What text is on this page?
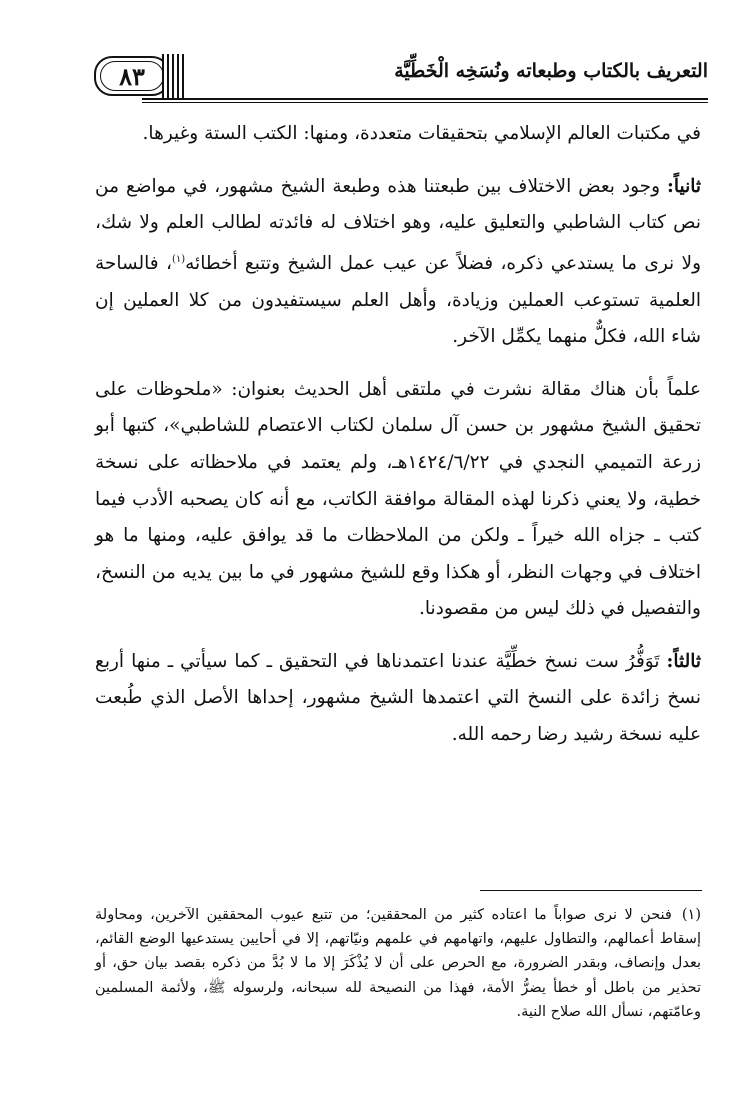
٨٣	التعريف بالكتاب وطبعاته ونُسَخِه الْخَطِّيَّة

في مكتبات العالم الإسلامي بتحقيقات متعددة، ومنها: الكتب الستة وغيرها.

ثانياً: وجود بعض الاختلاف بين طبعتنا هذه وطبعة الشيخ مشهور، في مواضع من نص كتاب الشاطبي والتعليق عليه، وهو اختلاف له فائدته لطالب العلم ولا شك، ولا نرى ما يستدعي ذكره، فضلاً عن عيب عمل الشيخ وتتبع أخطائه$^{(١)}$، فالساحة العلمية تستوعب العملين وزيادة، وأهل العلم سيستفيدون من كلا العملين إن شاء الله، فكلٌّ منهما يكمِّل الآخر.

علماً بأن هناك مقالة نشرت في ملتقى أهل الحديث بعنوان: «ملحوظات على تحقيق الشيخ مشهور بن حسن آل سلمان لكتاب الاعتصام للشاطبي»، كتبها أبو زرعة التميمي النجدي في ١٤٢٤/٦/٢٢هـ، ولم يعتمد في ملاحظاته على نسخة خطية، ولا يعني ذكرنا لهذه المقالة موافقة الكاتب، مع أنه كان يصحبه الأدب فيما كتب ـ جزاه الله خيراً ـ ولكن من الملاحظات ما قد يوافق عليه، ومنها ما هو اختلاف في وجهات النظر، أو هكذا وقع للشيخ مشهور في ما بين يديه من النسخ، والتفصيل في ذلك ليس من مقصودنا.

ثالثاً: تَوَفُّرُ ست نسخ خطِّيَّة عندنا اعتمدناها في التحقيق ـ كما سيأتي ـ منها أربع نسخ زائدة على النسخ التي اعتمدها الشيخ مشهور، إحداها الأصل الذي طُبعت عليه نسخة رشيد رضا رحمه الله.

(١)فنحن لا نرى صواباً ما اعتاده كثير من المحققين؛ من تتبع عيوب المحققين الآخرين، ومحاولة إسقاط أعمالهم، والتطاول عليهم، واتهامهم في علمهم ونيّاتهم، إلا في أحايين يستدعيها الوضع القائم، بعدل وإنصاف، وبقدر الضرورة، مع الحرص على أن لا يُذْكَرَ إلا ما لا بُدَّ من ذكره بقصد بيان حق، أو تحذير من باطل أو خطأ يضرُّ الأمة، فهذا من النصيحة لله سبحانه، ولرسوله ﷺ، ولأئمة المسلمين وعامّتهم، نسأل الله صلاح النية.
